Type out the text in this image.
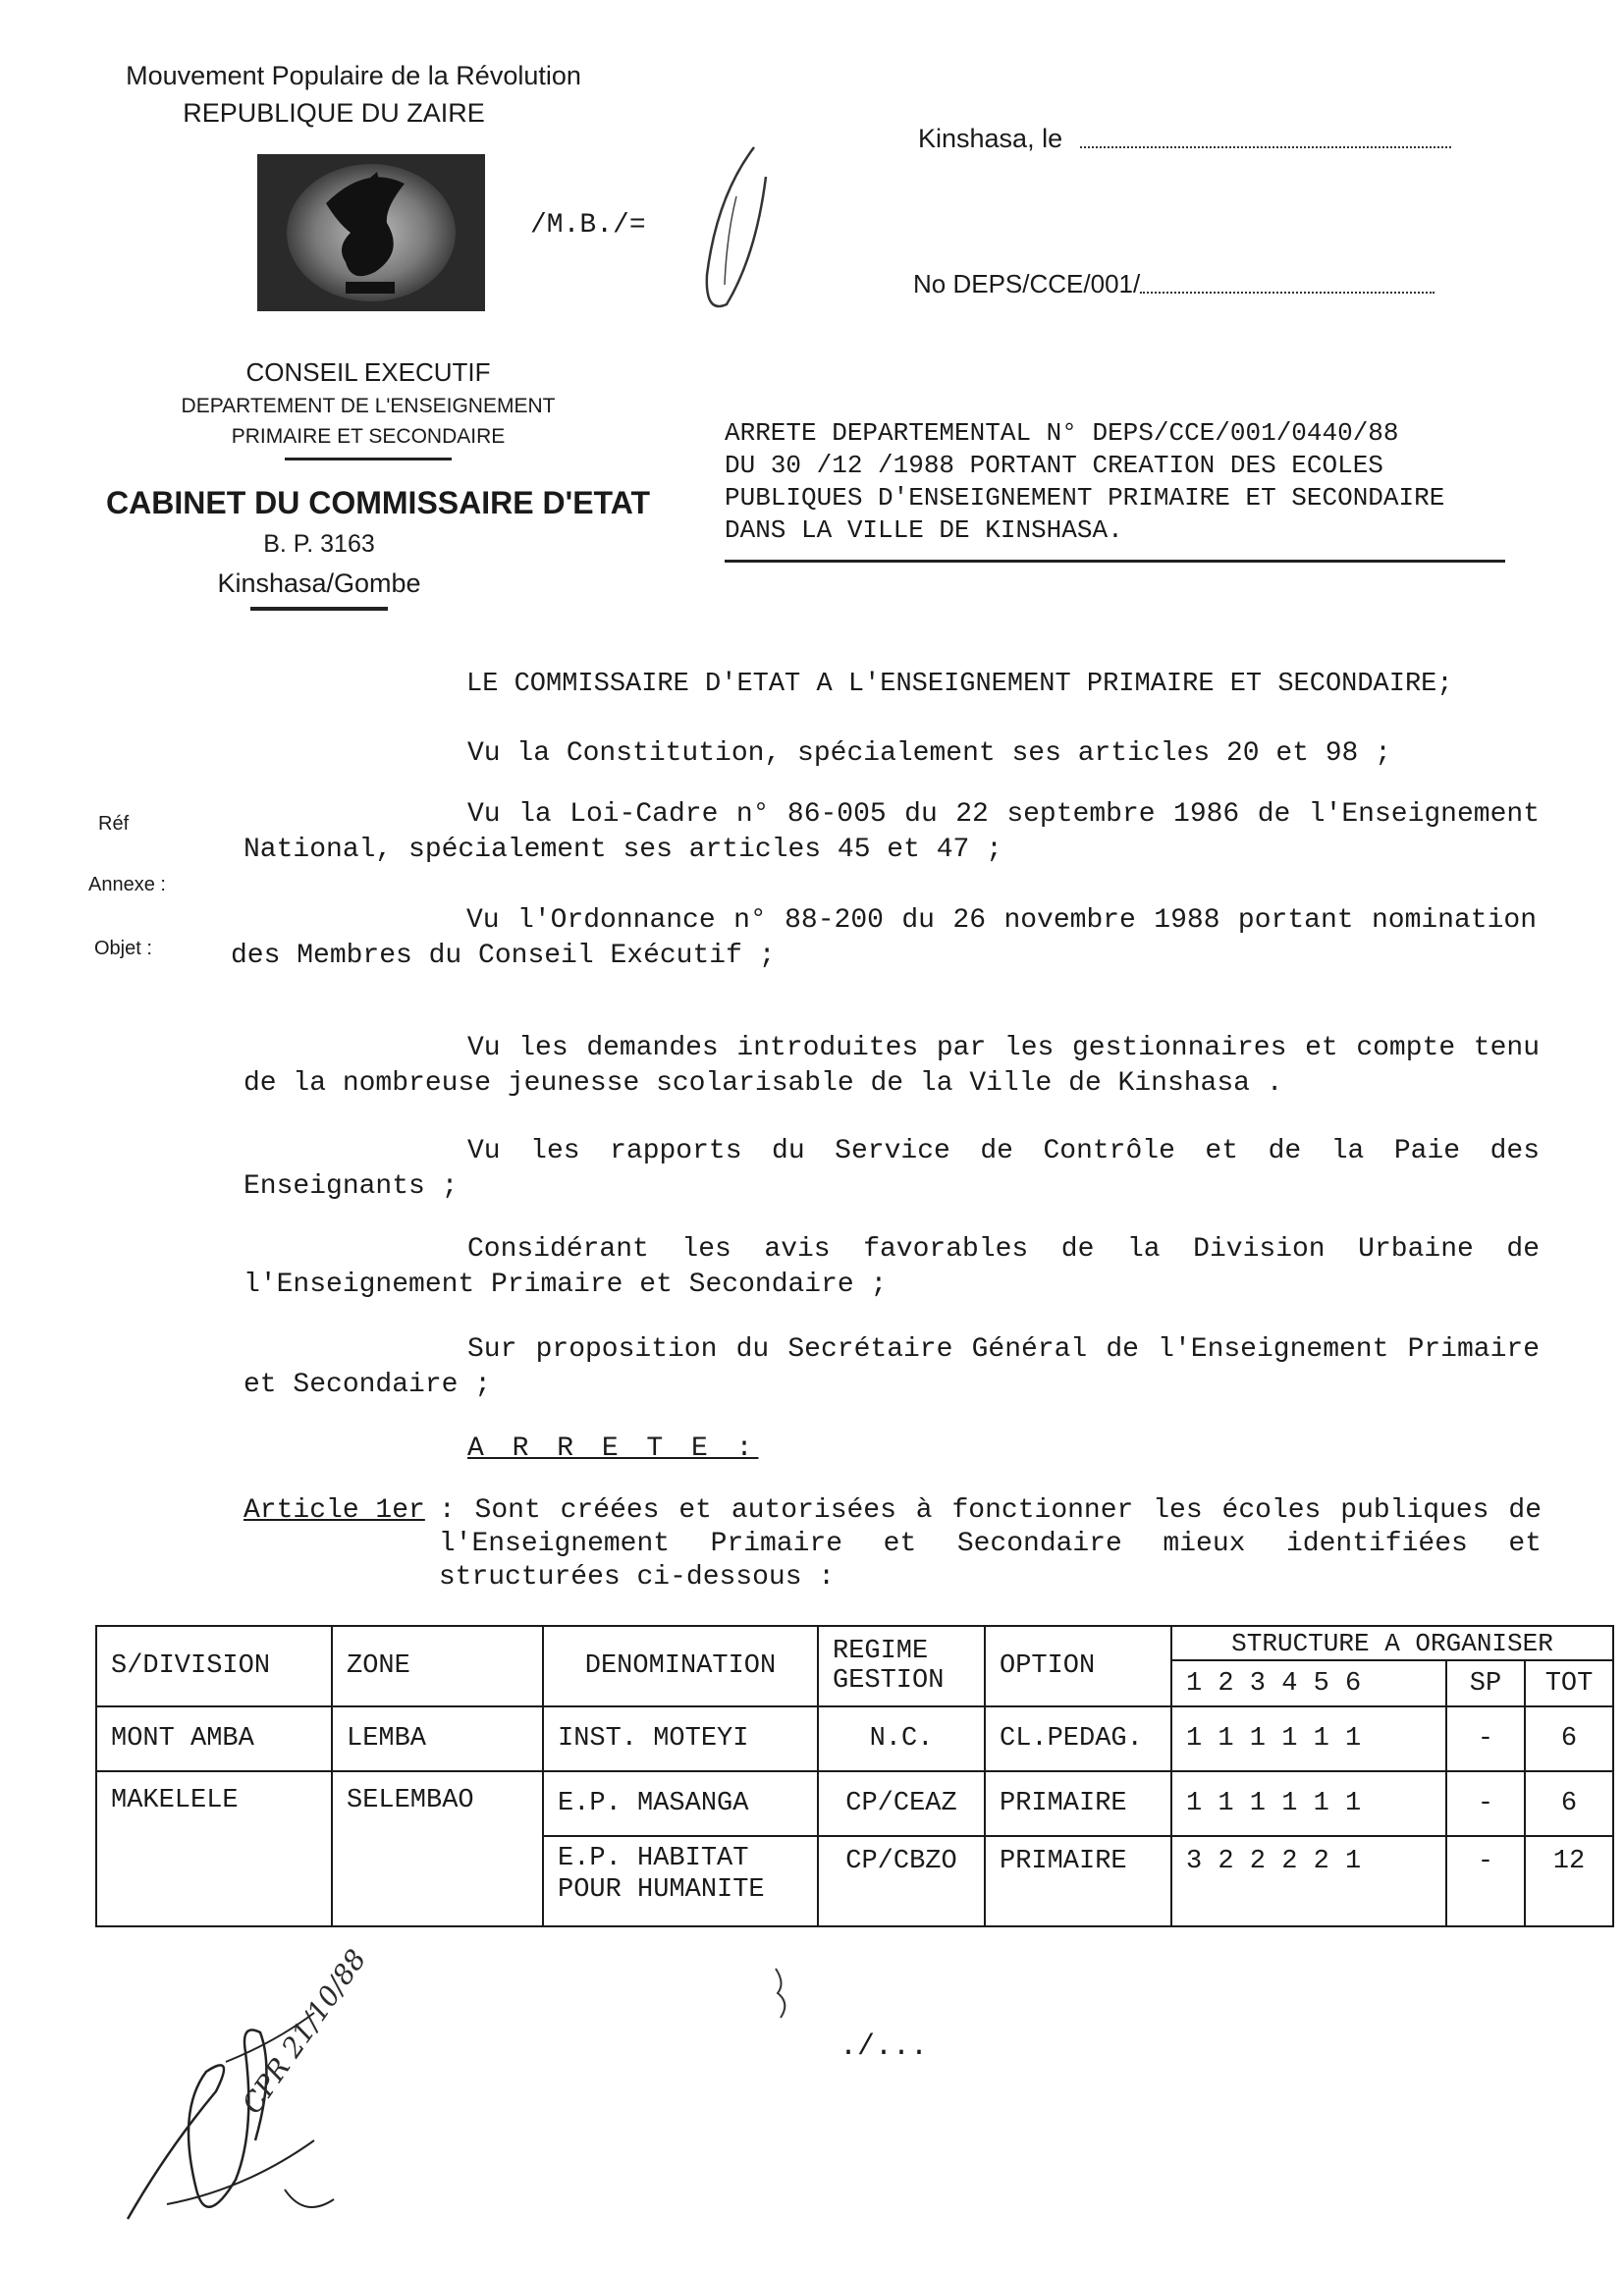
Mouvement Populaire de la Révolution
REPUBLIQUE DU ZAIRE
/M.B./=
CONSEIL EXECUTIF
DEPARTEMENT DE L'ENSEIGNEMENT
PRIMAIRE ET SECONDAIRE
CABINET DU COMMISSAIRE D'ETAT
B. P. 3163
Kinshasa/Gombe
Kinshasa, le
No DEPS/CCE/001/
ARRETE DEPARTEMENTAL N° DEPS/CCE/001/0440/88
DU 30 /12 /1988 PORTANT CREATION DES ECOLES
PUBLIQUES D'ENSEIGNEMENT PRIMAIRE ET SECONDAIRE
DANS LA VILLE DE KINSHASA.
Réf
Annexe :
Objet :
LE COMMISSAIRE D'ETAT A L'ENSEIGNEMENT PRIMAIRE ET SECONDAIRE;
Vu la Constitution, spécialement ses articles 20 et 98 ;
Vu la Loi-Cadre n° 86-005 du 22 septembre 1986 de l'Enseignement National, spécialement ses articles 45 et 47 ;
Vu l'Ordonnance n° 88-200 du 26 novembre 1988 portant nomination des Membres du Conseil Exécutif ;
Vu les demandes introduites par les gestionnaires et compte tenu de la nombreuse jeunesse scolarisable de la Ville de Kinshasa .
Vu les rapports du Service de Contrôle et de la Paie des Enseignants ;
Considérant les avis favorables de la Division Urbaine de l'Enseignement Primaire et Secondaire ;
Sur proposition du Secrétaire Général de l'Enseignement Primaire et Secondaire ;
A R R E T E :
Article 1er : Sont créées et autorisées à fonctionner les écoles publiques de l'Enseignement Primaire et Secondaire mieux identifiées et structurées ci-dessous :
S/DIVISION	ZONE	DENOMINATION	REGIME GESTION	OPTION	STRUCTURE A ORGANISER		
					1 2 3 4 5 6	SP	TOT
MONT AMBA	LEMBA	INST. MOTEYI	N.C.	CL.PEDAG.	1 1 1 1 1 1	-	6
MAKELELE	SELEMBAO	E.P. MASANGA	CP/CEAZ	PRIMAIRE	1 1 1 1 1 1	-	6
		E.P. HABITAT POUR HUMANITE	CP/CBZO	PRIMAIRE	3 2 2 2 2 1	-	12
./...
CPR 21/10/88
